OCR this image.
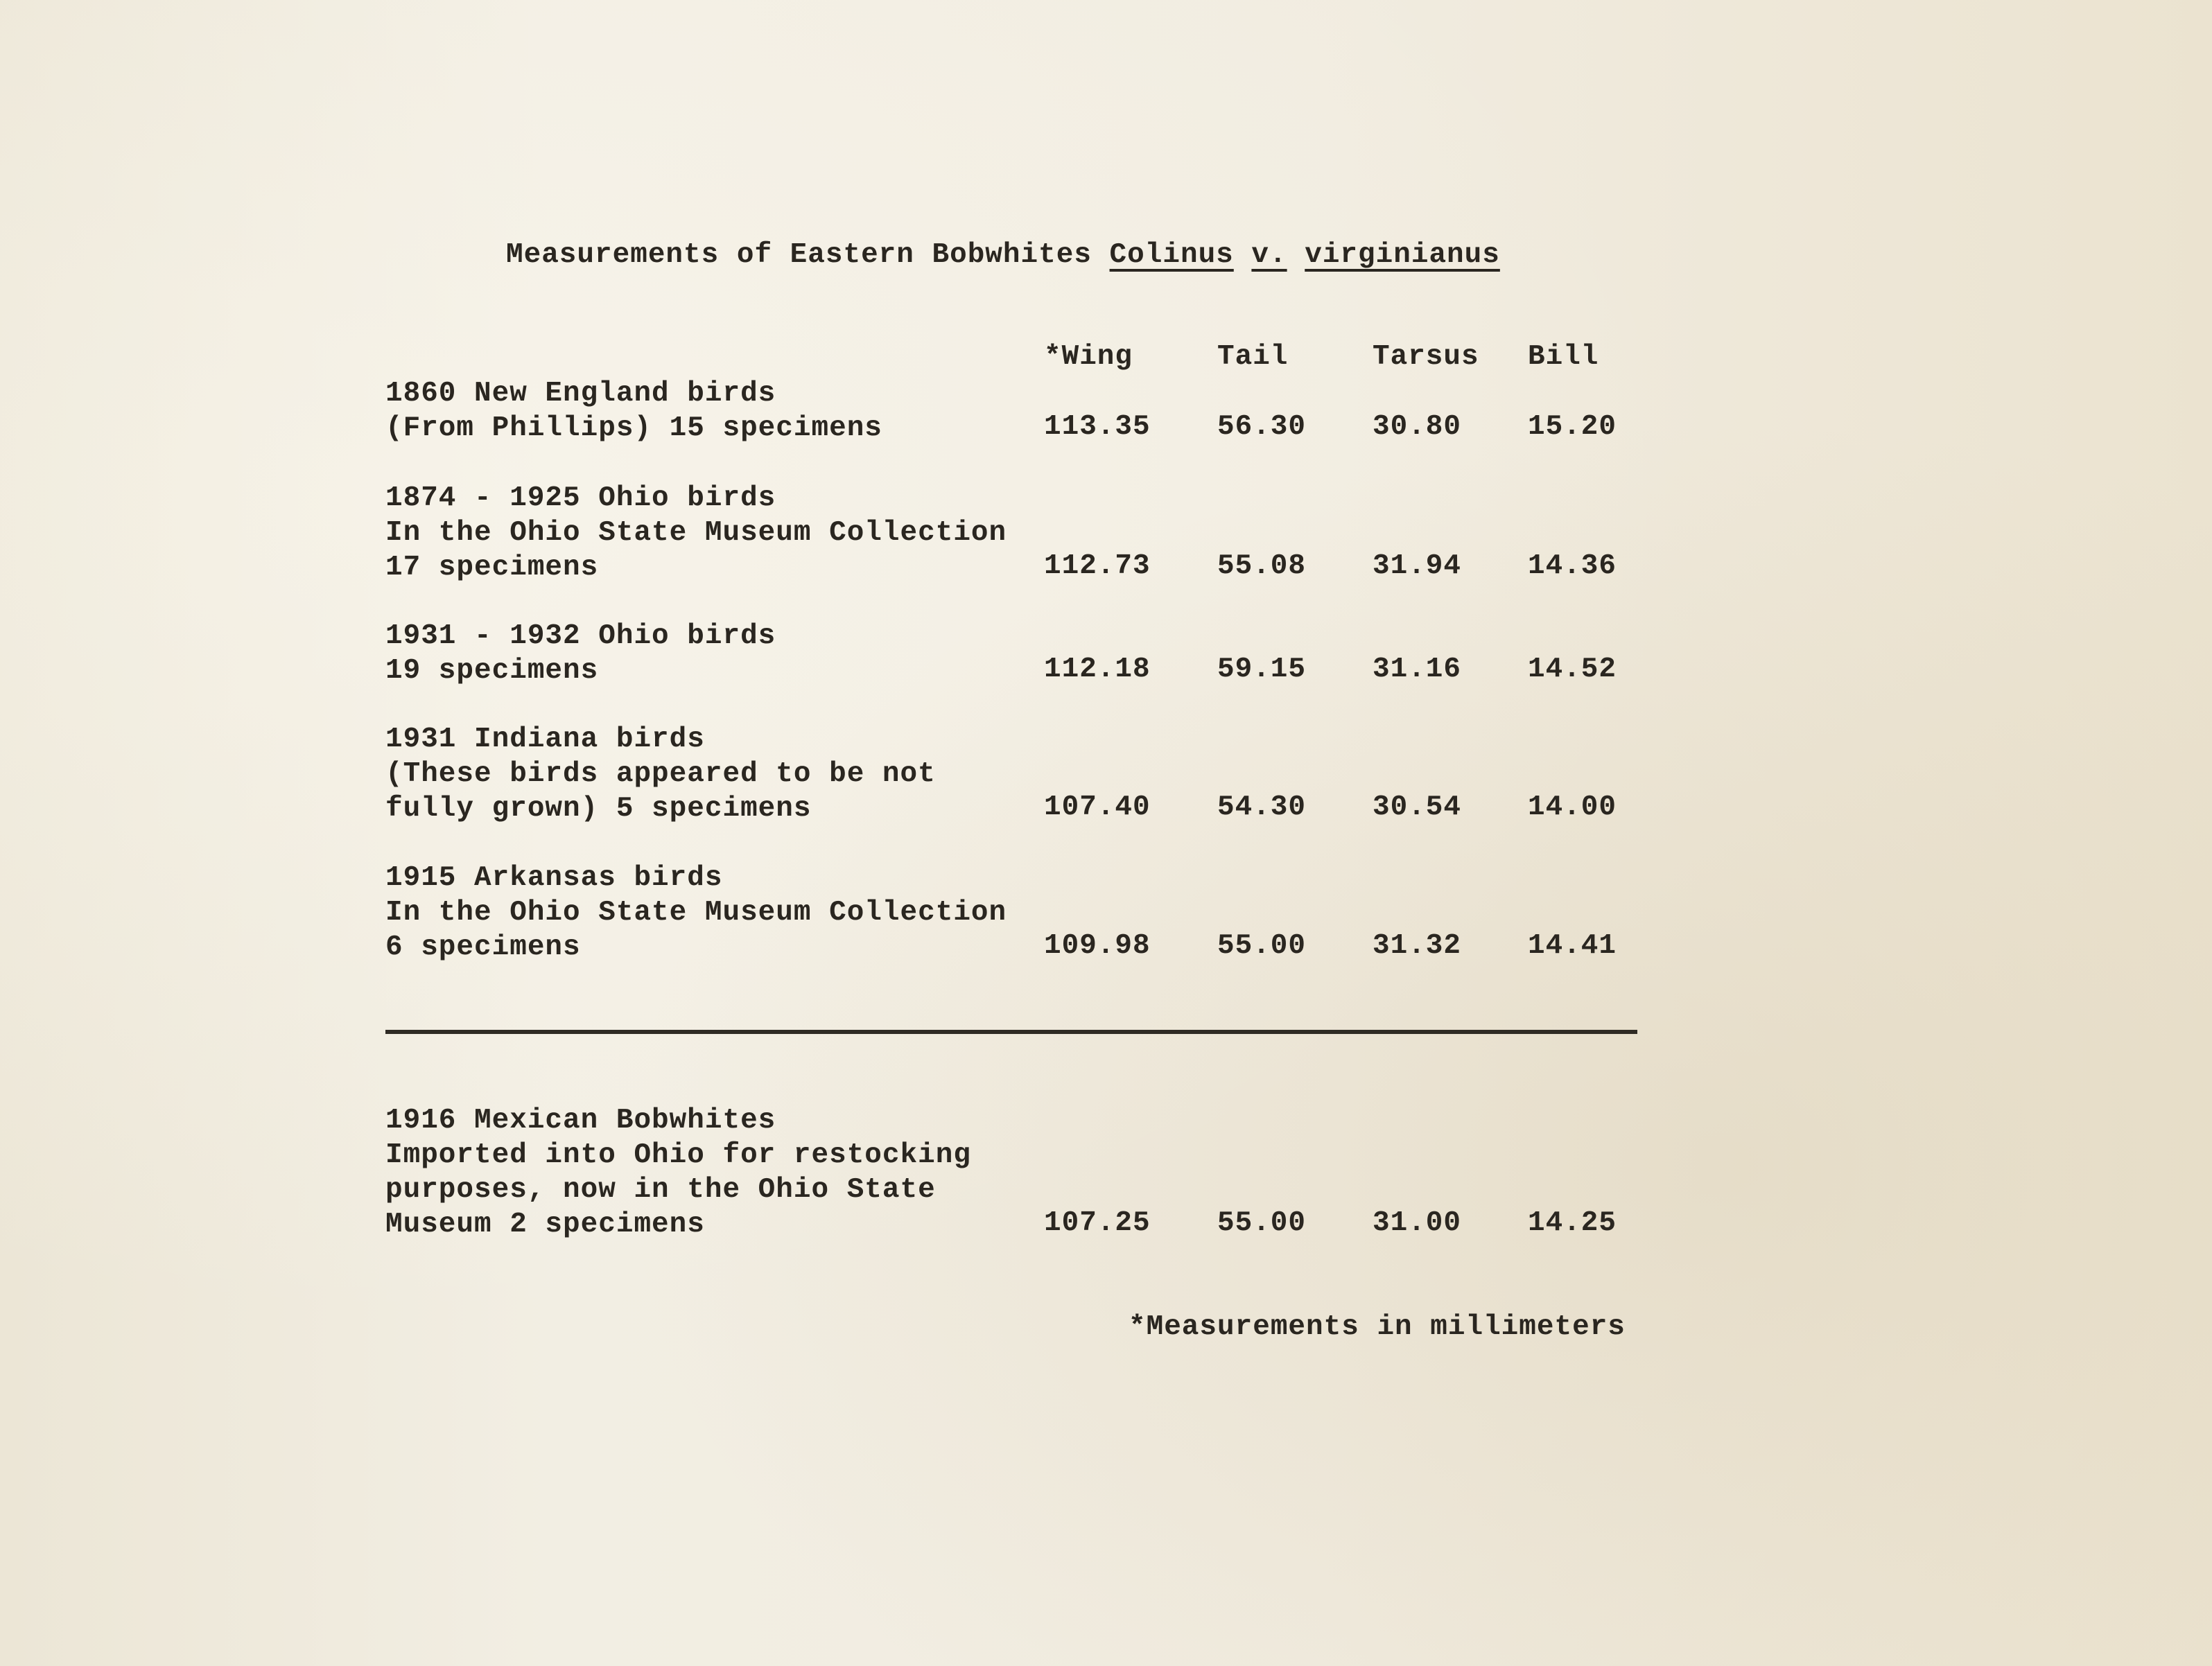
Measurements of Eastern Bobwhites Colinus v. virginianus
*Wing	Tail	Tarsus Bill
1860 New England birds
(From Phillips) 15 specimens	113.35 56.30 30.80 15.20
1874 - 1925 Ohio birds
In the Ohio State Museum Collection
17 specimens	112.73 55.08 31.94 14.36
1931 - 1932 Ohio birds
19 specimens	112.18 59.15 31.16 14.52
1931 Indiana birds
(These birds appeared to be not
fully grown) 5 specimens	107.40 54.30 30.54 14.00
1915 Arkansas birds
In the Ohio State Museum Collection
6 specimens	109.98 55.00 31.32 14.41
1916 Mexican Bobwhites
Imported into Ohio for restocking
purposes, now in the Ohio State
Museum 2 specimens	107.25 55.00 31.00 14.25
*Measurements in millimeters
